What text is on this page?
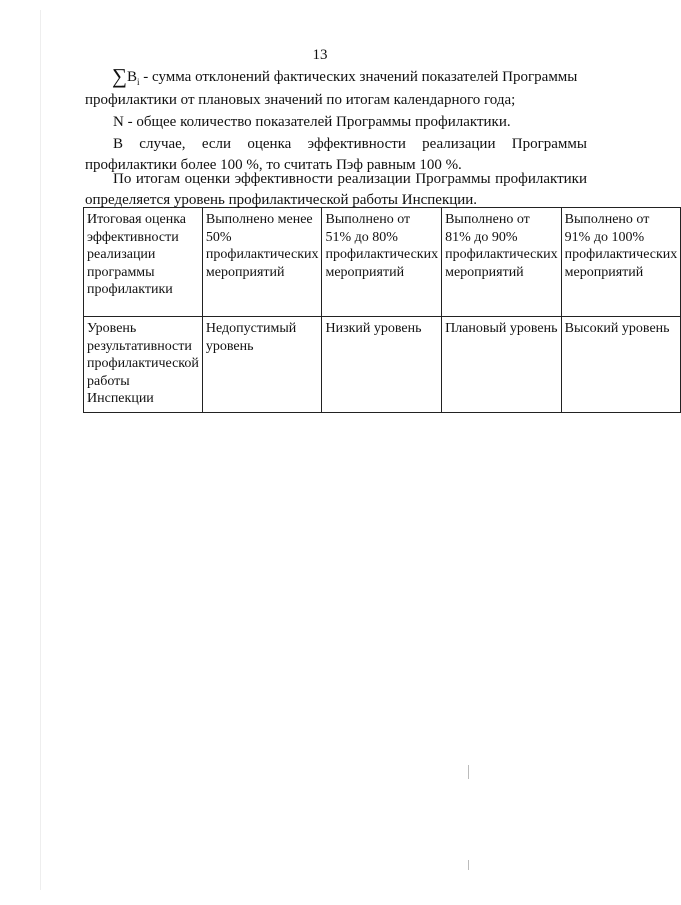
13
$\sum B_i$ - сумма отклонений фактических значений показателей Программы
профилактики от плановых значений по итогам календарного года;
N - общее количество показателей Программы профилактики.
В случае, если оценка эффективности реализации Программы
профилактики более 100 %, то считать Пэф равным 100 %.
По итогам оценки эффективности реализации Программы профилактики
определяется уровень профилактической работы Инспекции.
Итоговая оценка эффективности реализации программы профилактики	Выполнено менее 50% профилактических мероприятий	Выполнено от 51% до 80% профилактических мероприятий	Выполнено от 81% до 90% профилактических мероприятий	Выполнено от 91% до 100% профилактических мероприятий
Уровень результативности профилактической работы Инспекции	Недопустимый уровень	Низкий уровень	Плановый уровень	Высокий уровень
